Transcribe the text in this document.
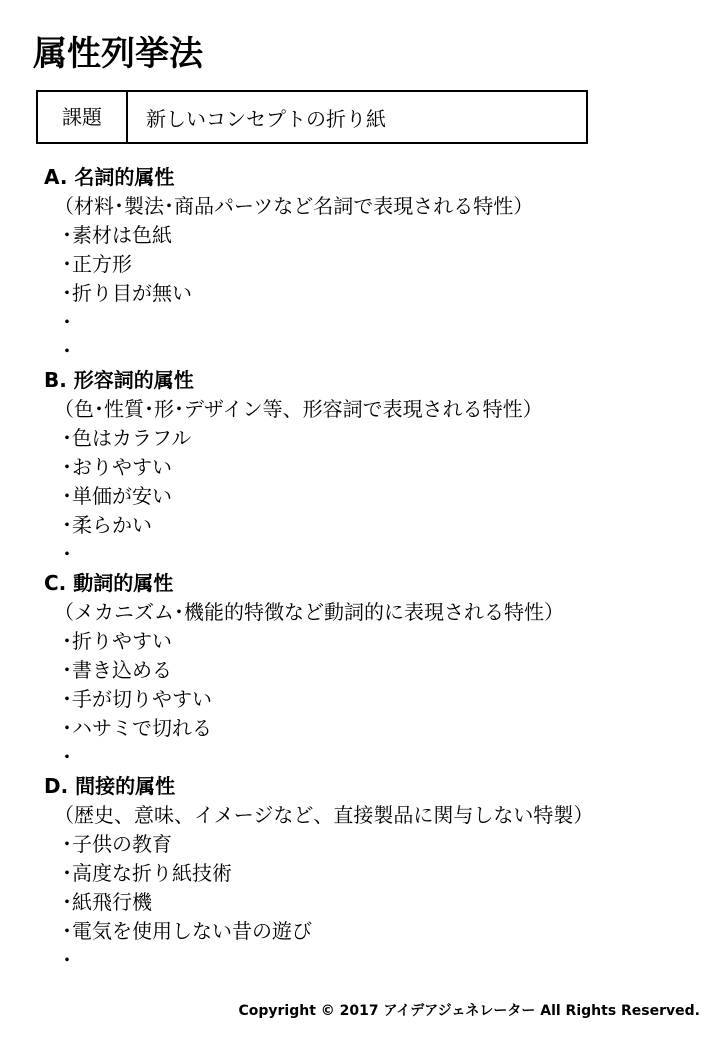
属性列挙法
課題	新しいコンセプトの折り紙
A. 名詞的属性
（材料･製法･商品パーツなど名詞で表現される特性）
･素材は色紙
･正方形
･折り目が無い
･
･
B. 形容詞的属性
（色･性質･形･デザイン等、形容詞で表現される特性）
･色はカラフル
･おりやすい
･単価が安い
･柔らかい
･
C. 動詞的属性
（メカニズム･機能的特徴など動詞的に表現される特性）
･折りやすい
･書き込める
･手が切りやすい
･ハサミで切れる
･
D. 間接的属性
（歴史、意味、イメージなど、直接製品に関与しない特製）
･子供の教育
･高度な折り紙技術
･紙飛行機
･電気を使用しない昔の遊び
･
Copyright © 2017 アイデアジェネレーター All Rights Reserved.
